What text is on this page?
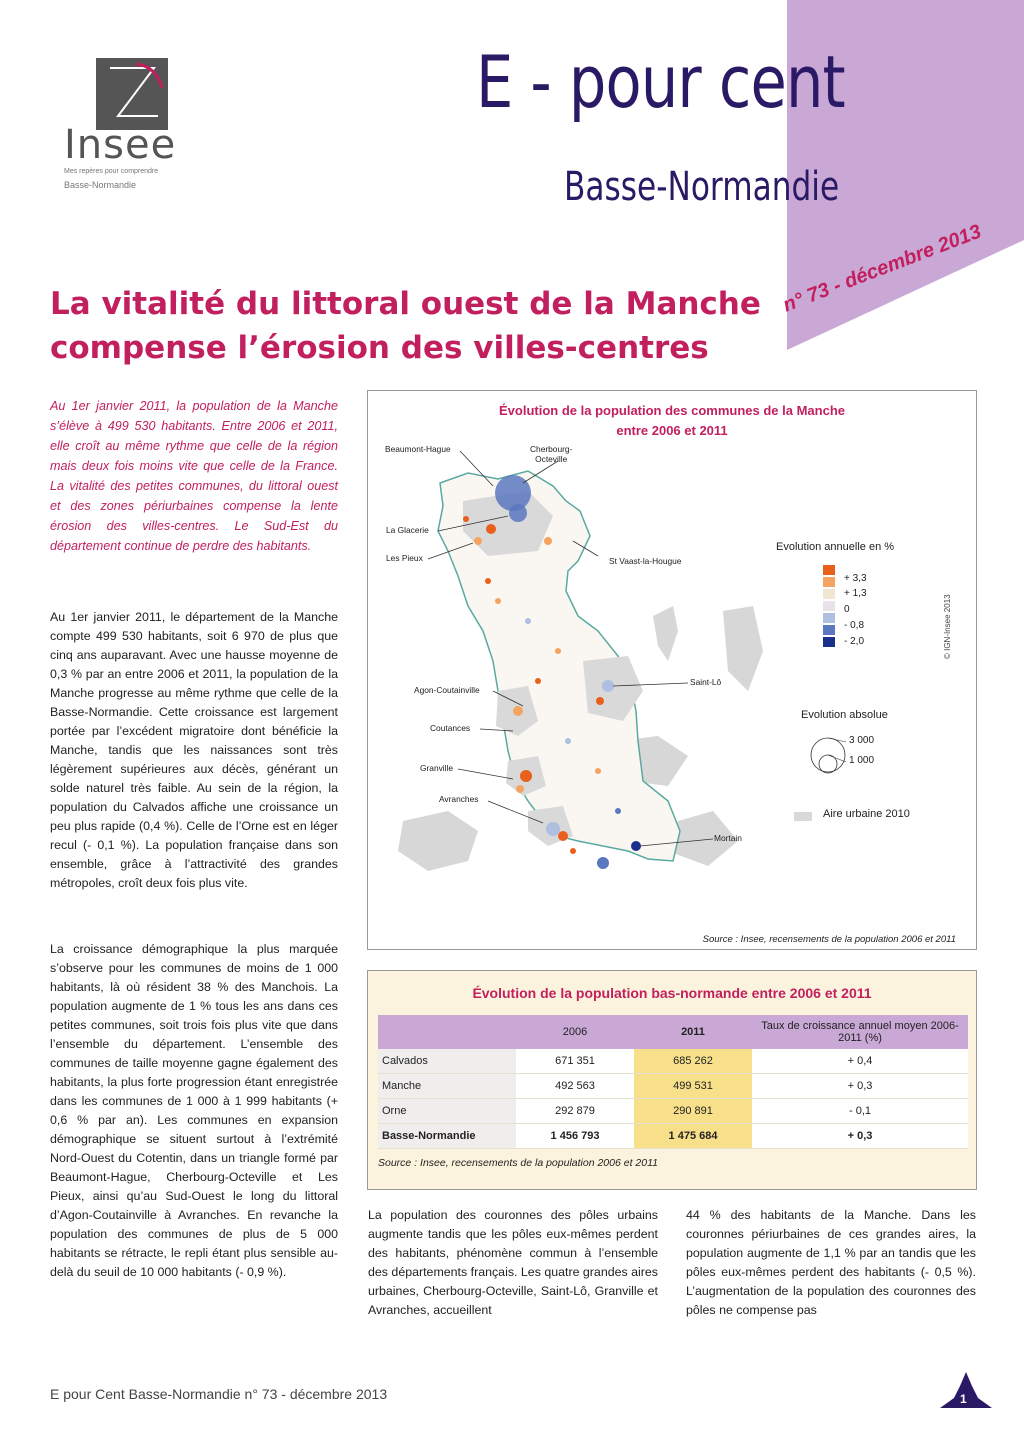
Insee
Mes repères pour comprendre
Basse-Normandie
E - pour cent
Basse-Normandie
n° 73 - décembre 2013
La vitalité du littoral ouest de la Manche
compense l’érosion des villes-centres
Au 1er janvier 2011, la population de la Manche s’élève à 499 530 habitants. Entre 2006 et 2011, elle croît au même rythme que celle de la région mais deux fois moins vite que celle de la France. La vitalité des petites communes, du littoral ouest et des zones périurbaines compense la lente érosion des villes-centres. Le Sud-Est du département continue de perdre des habitants.

Au 1er janvier 2011, le département de la Manche compte 499 530 habitants, soit 6 970 de plus que cinq ans auparavant. Avec une hausse moyenne de 0,3 % par an entre 2006 et 2011, la population de la Manche progresse au même rythme que celle de la Basse-Normandie. Cette croissance est largement portée par l’excédent migratoire dont bénéficie la Manche, tandis que les naissances sont très légèrement supérieures aux décès, générant un solde naturel très faible. Au sein de la région, la population du Calvados affiche une croissance un peu plus rapide (0,4 %). Celle de l’Orne est en léger recul (- 0,1 %). La population française dans son ensemble, grâce à l’attractivité des grandes métropoles, croît deux fois plus vite.

La croissance démographique la plus marquée s’observe pour les communes de moins de 1 000 habitants, là où résident 38 % des Manchois. La population augmente de 1 % tous les ans dans ces petites communes, soit trois fois plus vite que dans l’ensemble du département. L’ensemble des communes de taille moyenne gagne également des habitants, la plus forte progression étant enregistrée dans les communes de 1 000 à 1 999 habitants (+ 0,6 % par an). Les communes en expansion démographique se situent surtout à l’extrémité Nord-Ouest du Cotentin, dans un triangle formé par Beaumont-Hague, Cherbourg-Octeville et Les Pieux, ainsi qu’au Sud-Ouest le long du littoral d’Agon-Coutainville à Avranches. En revanche la population des communes de plus de 5 000 habitants se rétracte, le repli étant plus sensible au-delà du seuil de 10 000 habitants (- 0,9 %).

Évolution de la population des communes de la Manche
entre 2006 et 2011
Beaumont-Hague	Cherbourg-
Octeville
La Glacerie
Les Pieux	St Vaast-la-Hougue
Agon-Coutainville
Coutances
Granville
Avranches
Saint-Lô
Mortain
Evolution annuelle en %
+ 3,3
+ 1,3
0
- 0,8
- 2,0
Evolution absolue
3 000
1 000
Aire urbaine 2010
© IGN-Insee 2013
Source : Insee, recensements de la population 2006 et 2011
Évolution de la population bas-normande entre 2006 et 2011
	2006	2011	Taux de croissance annuel moyen 2006-2011 (%)
Calvados	671 351	685 262	+ 0,4
Manche	492 563	499 531	+ 0,3
Orne	292 879	290 891	- 0,1
Basse-Normandie	1 456 793	1 475 684	+ 0,3
Source : Insee, recensements de la population 2006 et 2011

La population des couronnes des pôles urbains augmente tandis que les pôles eux-mêmes perdent des habitants, phénomène commun à l’ensemble des départements français. Les quatre grandes aires urbaines, Cherbourg-Octeville, Saint-Lô, Granville et Avranches, accueillent

44 % des habitants de la Manche. Dans les couronnes périurbaines de ces grandes aires, la population augmente de 1,1 % par an tandis que les pôles eux-mêmes perdent des habitants (- 0,5 %). L’augmentation de la population des couronnes des pôles ne compense pas

E pour Cent Basse-Normandie n° 73 - décembre 2013	1
